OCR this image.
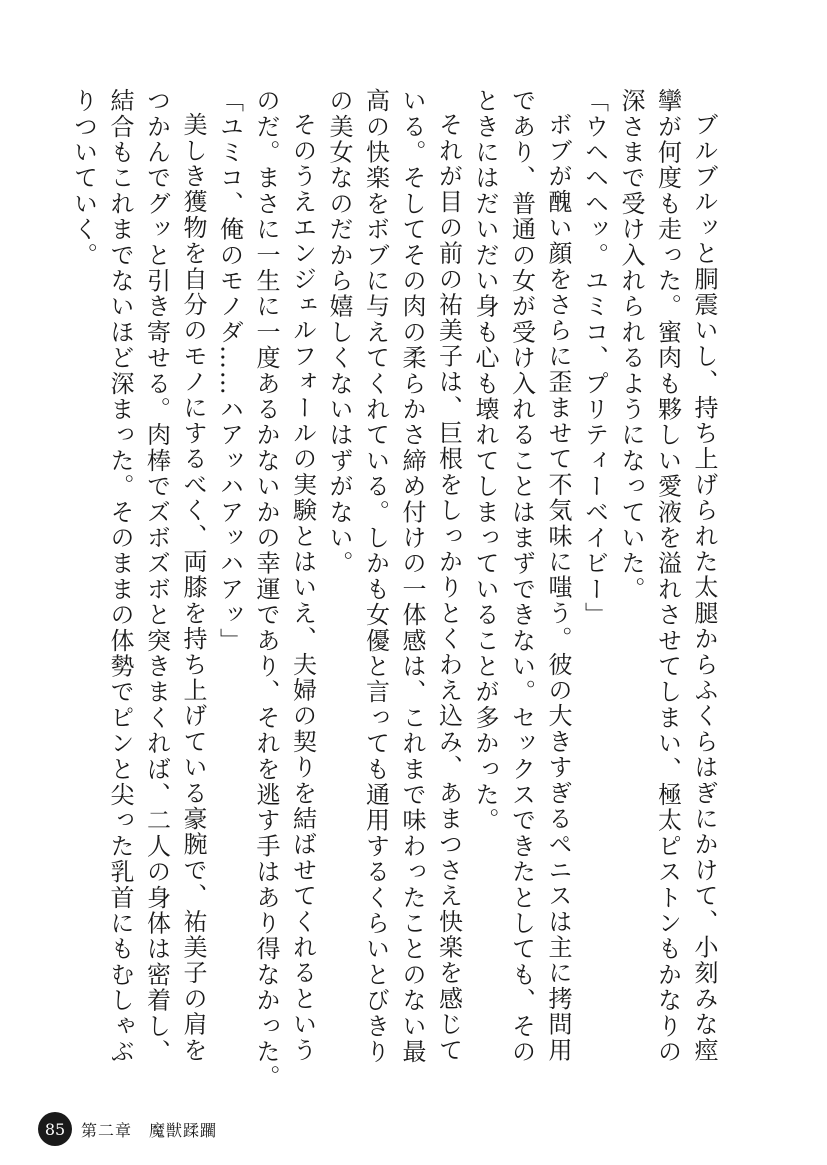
ブルブルッと胴震いし、持ち上げられた太腿からふくらはぎにかけて、小刻みな痙

攣が何度も走った。蜜肉も夥しい愛液を溢れさせてしまい、極太ピストンもかなりの

深さまで受け入れられるようになっていた。

「ウヘヘヘッ。ユミコ、プリティーベイビー」

ボブが醜い顔をさらに歪ませて不気味に嗤う。彼の大きすぎるペニスは主に拷問用

であり、普通の女が受け入れることはまずできない。セックスできたとしても、その

ときにはだいだい身も心も壊れてしまっていることが多かった。

それが目の前の祐美子は、巨根をしっかりとくわえ込み、あまつさえ快楽を感じて

いる。そしてその肉の柔らかさ締め付けの一体感は、これまで味わったことのない最

高の快楽をボブに与えてくれている。しかも女優と言っても通用するくらいとびきり

の美女なのだから嬉しくないはずがない。

そのうえエンジェルフォールの実験とはいえ、夫婦の契りを結ばせてくれるという

のだ。まさに一生に一度あるかないかの幸運であり、それを逃す手はあり得なかった。

「ユミコ、俺のモノダ……ハアッハアッハアッ」

美しき獲物を自分のモノにするべく、両膝を持ち上げている豪腕で、祐美子の肩を

つかんでグッと引き寄せる。肉棒でズボズボと突きまくれば、二人の身体は密着し、

結合もこれまでないほど深まった。そのままの体勢でピンと尖った乳首にもむしゃぶ

りついていく。

85 第二章　魔獣蹂躙
